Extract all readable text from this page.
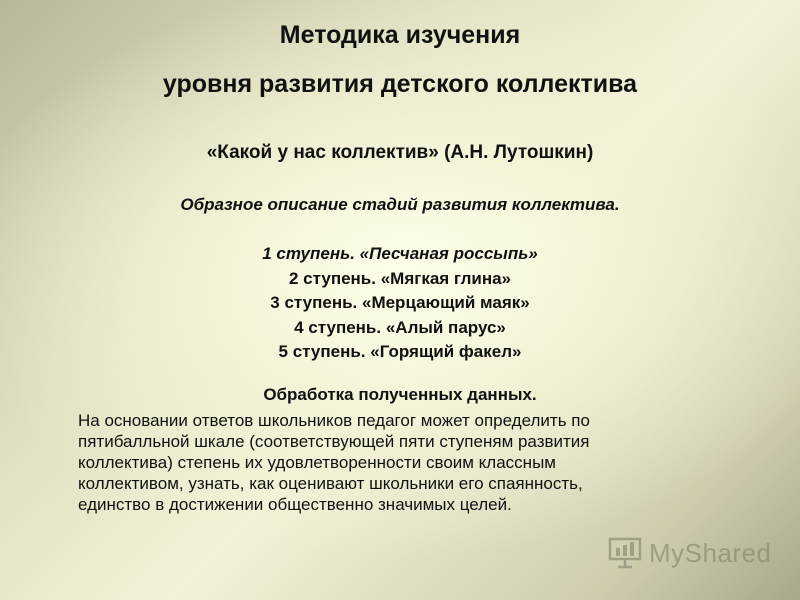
Методика изучения
уровня развития детского коллектива
«Какой у нас коллектив» (А.Н. Лутошкин)
Образное описание стадий развития коллектива.
1 ступень. «Песчаная россыпь»
2 ступень. «Мягкая глина»
3 ступень. «Мерцающий маяк»
4 ступень. «Алый парус»
5 ступень. «Горящий факел»
Обработка полученных данных.
На основании ответов школьников педагог может определить по
пятибалльной шкале (соответствующей пяти ступеням развития
коллектива) степень их удовлетворенности своим классным
коллективом, узнать, как оценивают школьники его спаянность,
единство в достижении общественно значимых целей.
MyShared
